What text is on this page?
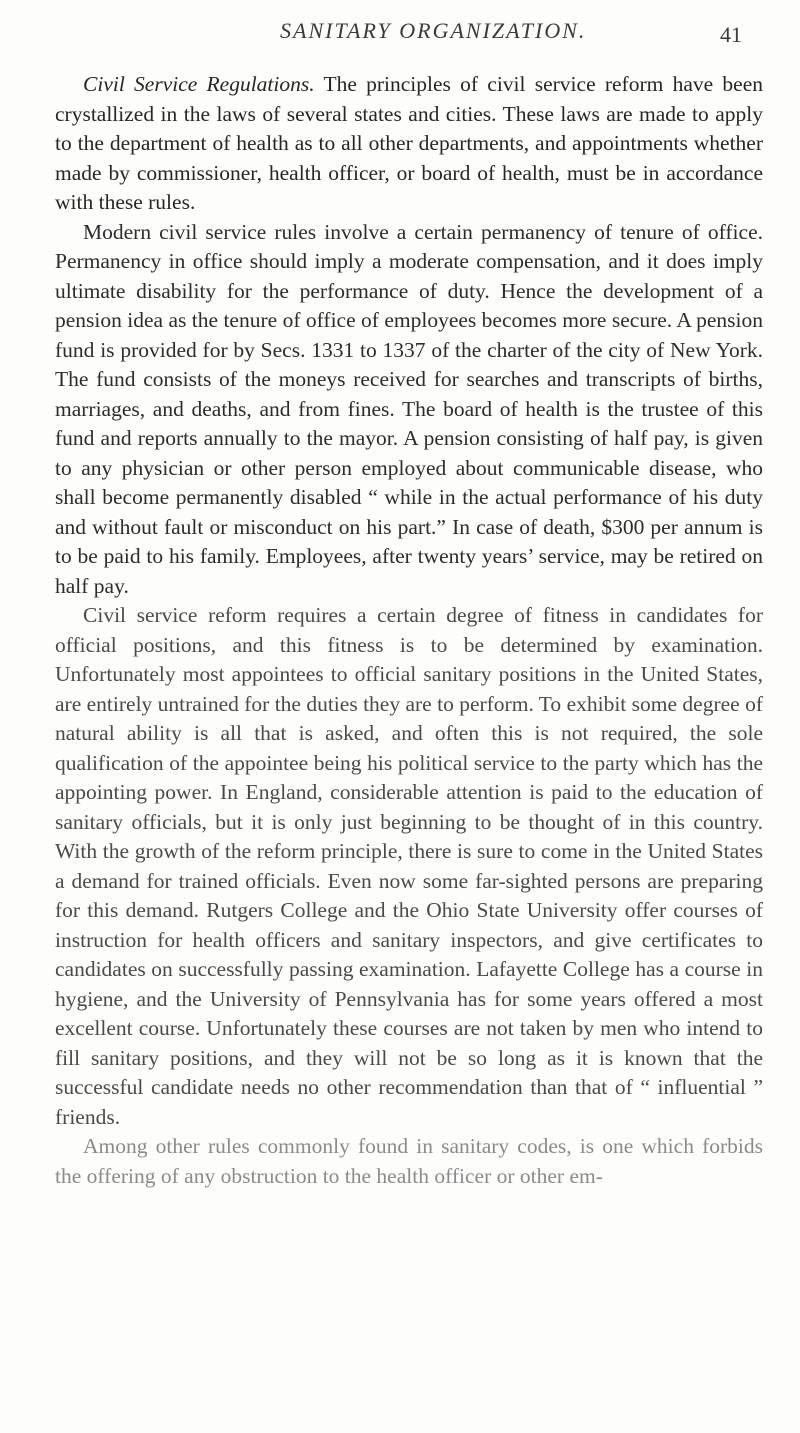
SANITARY ORGANIZATION.	41

Civil Service Regulations. The principles of civil service reform have been crystallized in the laws of several states and cities. These laws are made to apply to the department of health as to all other departments, and appointments whether made by commissioner, health officer, or board of health, must be in accordance with these rules.

Modern civil service rules involve a certain permanency of tenure of office. Permanency in office should imply a moderate compensation, and it does imply ultimate disability for the performance of duty. Hence the development of a pension idea as the tenure of office of employees becomes more secure. A pension fund is provided for by Secs. 1331 to 1337 of the charter of the city of New York. The fund consists of the moneys received for searches and transcripts of births, marriages, and deaths, and from fines. The board of health is the trustee of this fund and reports annually to the mayor. A pension consisting of half pay, is given to any physician or other person employed about communicable disease, who shall become permanently disabled “ while in the actual performance of his duty and without fault or misconduct on his part.” In case of death, $300 per annum is to be paid to his family. Employees, after twenty years’ service, may be retired on half pay.

Civil service reform requires a certain degree of fitness in candidates for official positions, and this fitness is to be determined by examination. Unfortunately most appointees to official sanitary positions in the United States, are entirely untrained for the duties they are to perform. To exhibit some degree of natural ability is all that is asked, and often this is not required, the sole qualification of the appointee being his political service to the party which has the appointing power. In England, considerable attention is paid to the education of sanitary officials, but it is only just beginning to be thought of in this country. With the growth of the reform principle, there is sure to come in the United States a demand for trained officials. Even now some far-sighted persons are preparing for this demand. Rutgers College and the Ohio State University offer courses of instruction for health officers and sanitary inspectors, and give certificates to candidates on successfully passing examination. Lafayette College has a course in hygiene, and the University of Pennsylvania has for some years offered a most excellent course. Unfortunately these courses are not taken by men who intend to fill sanitary positions, and they will not be so long as it is known that the successful candidate needs no other recommendation than that of “ influential ” friends.

Among other rules commonly found in sanitary codes, is one which forbids the offering of any obstruction to the health officer or other em-
